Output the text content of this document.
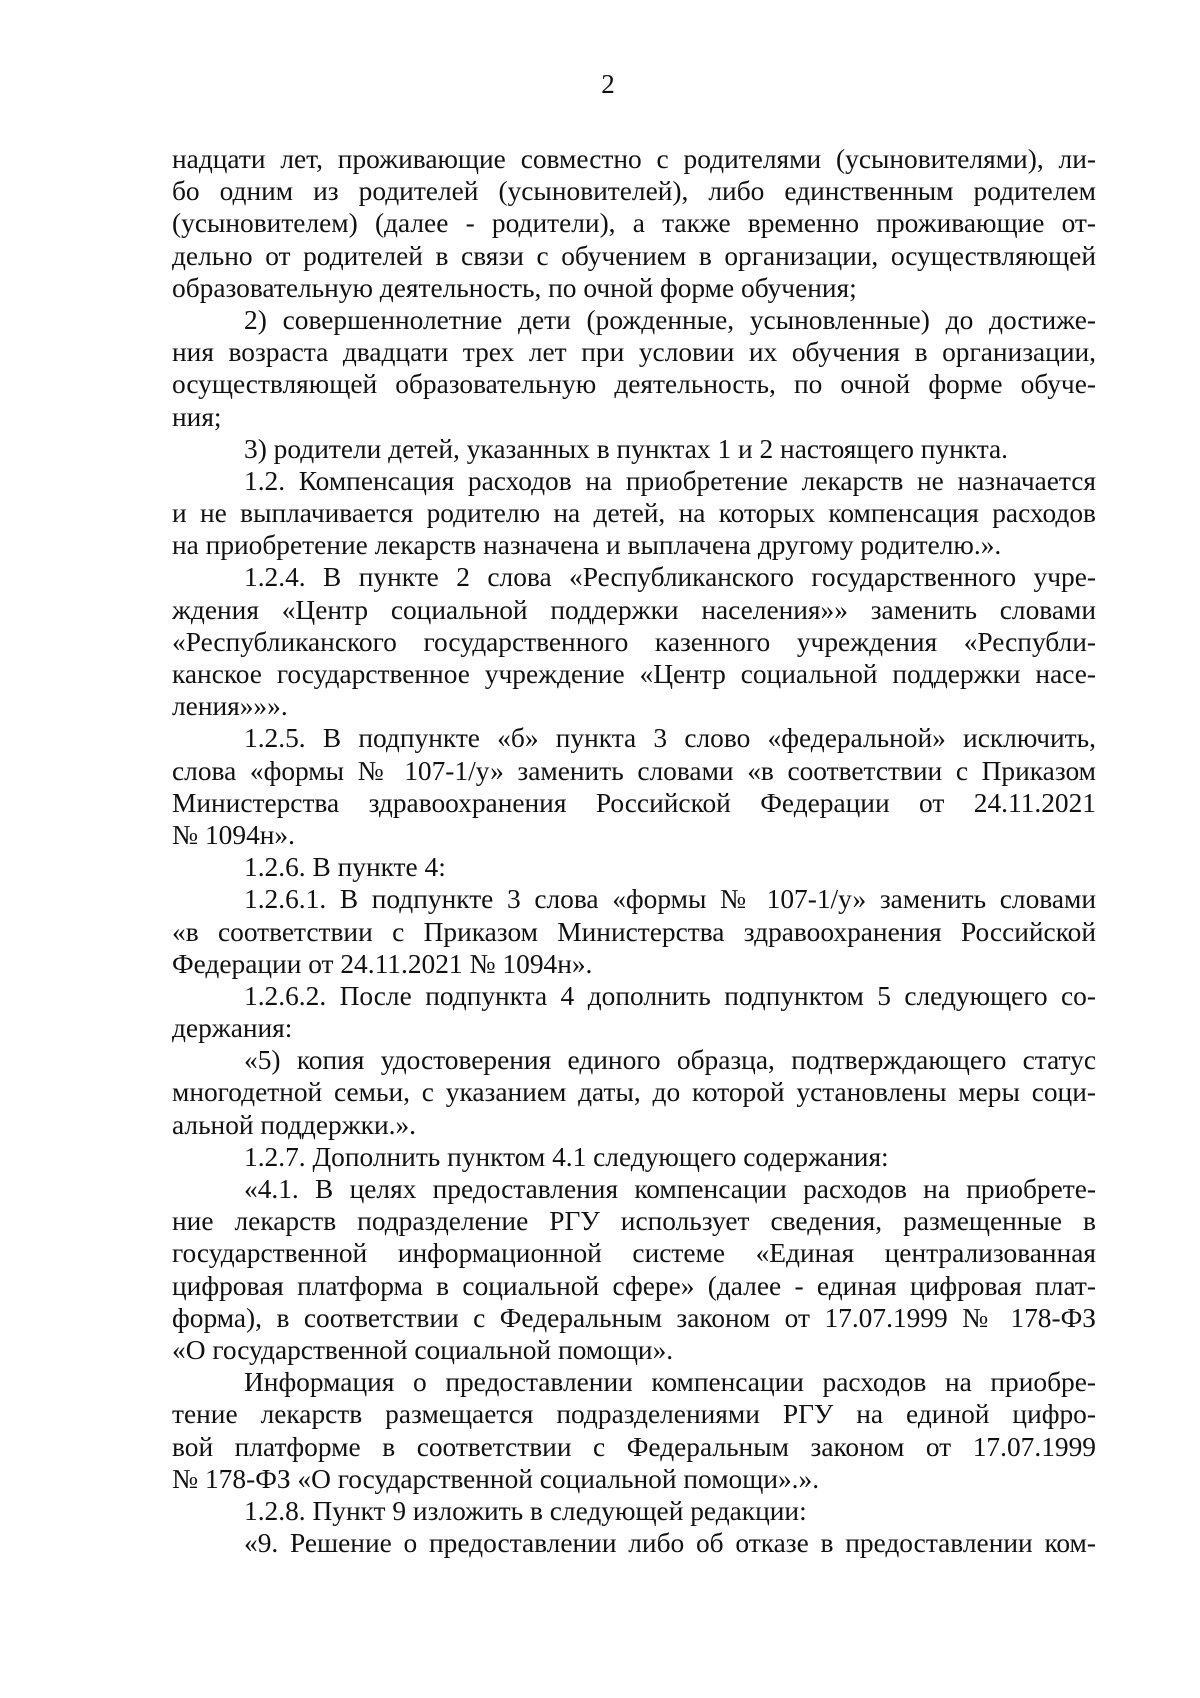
2
надцати лет, проживающие совместно с родителями (усыновителями), ли-
бо одним из родителей (усыновителей), либо единственным родителем
(усыновителем) (далее - родители), а также временно проживающие от-
дельно от родителей в связи с обучением в организации, осуществляющей
образовательную деятельность, по очной форме обучения;
2) совершеннолетние дети (рожденные, усыновленные) до достиже-
ния возраста двадцати трех лет при условии их обучения в организации,
осуществляющей образовательную деятельность, по очной форме обуче-
ния;
3) родители детей, указанных в пунктах 1 и 2 настоящего пункта.
1.2. Компенсация расходов на приобретение лекарств не назначается
и не выплачивается родителю на детей, на которых компенсация расходов
на приобретение лекарств назначена и выплачена другому родителю.».
1.2.4. В пункте 2 слова «Республиканского государственного учре-
ждения «Центр социальной поддержки населения»» заменить словами
«Республиканского государственного казенного учреждения «Республи-
канское государственное учреждение «Центр социальной поддержки насе-
ления»»».
1.2.5. В подпункте «б» пункта 3 слово «федеральной» исключить,
слова «формы № 107-1/у» заменить словами «в соответствии с Приказом
Министерства здравоохранения Российской Федерации от 24.11.2021
№ 1094н».
1.2.6. В пункте 4:
1.2.6.1. В подпункте 3 слова «формы № 107-1/у» заменить словами
«в соответствии с Приказом Министерства здравоохранения Российской
Федерации от 24.11.2021 № 1094н».
1.2.6.2. После подпункта 4 дополнить подпунктом 5 следующего со-
держания:
«5) копия удостоверения единого образца, подтверждающего статус
многодетной семьи, с указанием даты, до которой установлены меры соци-
альной поддержки.».
1.2.7. Дополнить пунктом 4.1 следующего содержания:
«4.1. В целях предоставления компенсации расходов на приобрете-
ние лекарств подразделение РГУ использует сведения, размещенные в
государственной информационной системе «Единая централизованная
цифровая платформа в социальной сфере» (далее - единая цифровая плат-
форма), в соответствии с Федеральным законом от 17.07.1999 № 178-ФЗ
«О государственной социальной помощи».
Информация о предоставлении компенсации расходов на приобре-
тение лекарств размещается подразделениями РГУ на единой цифро-
вой платформе в соответствии с Федеральным законом от 17.07.1999
№ 178-ФЗ «О государственной социальной помощи».».
1.2.8. Пункт 9 изложить в следующей редакции:
«9. Решение о предоставлении либо об отказе в предоставлении ком-
